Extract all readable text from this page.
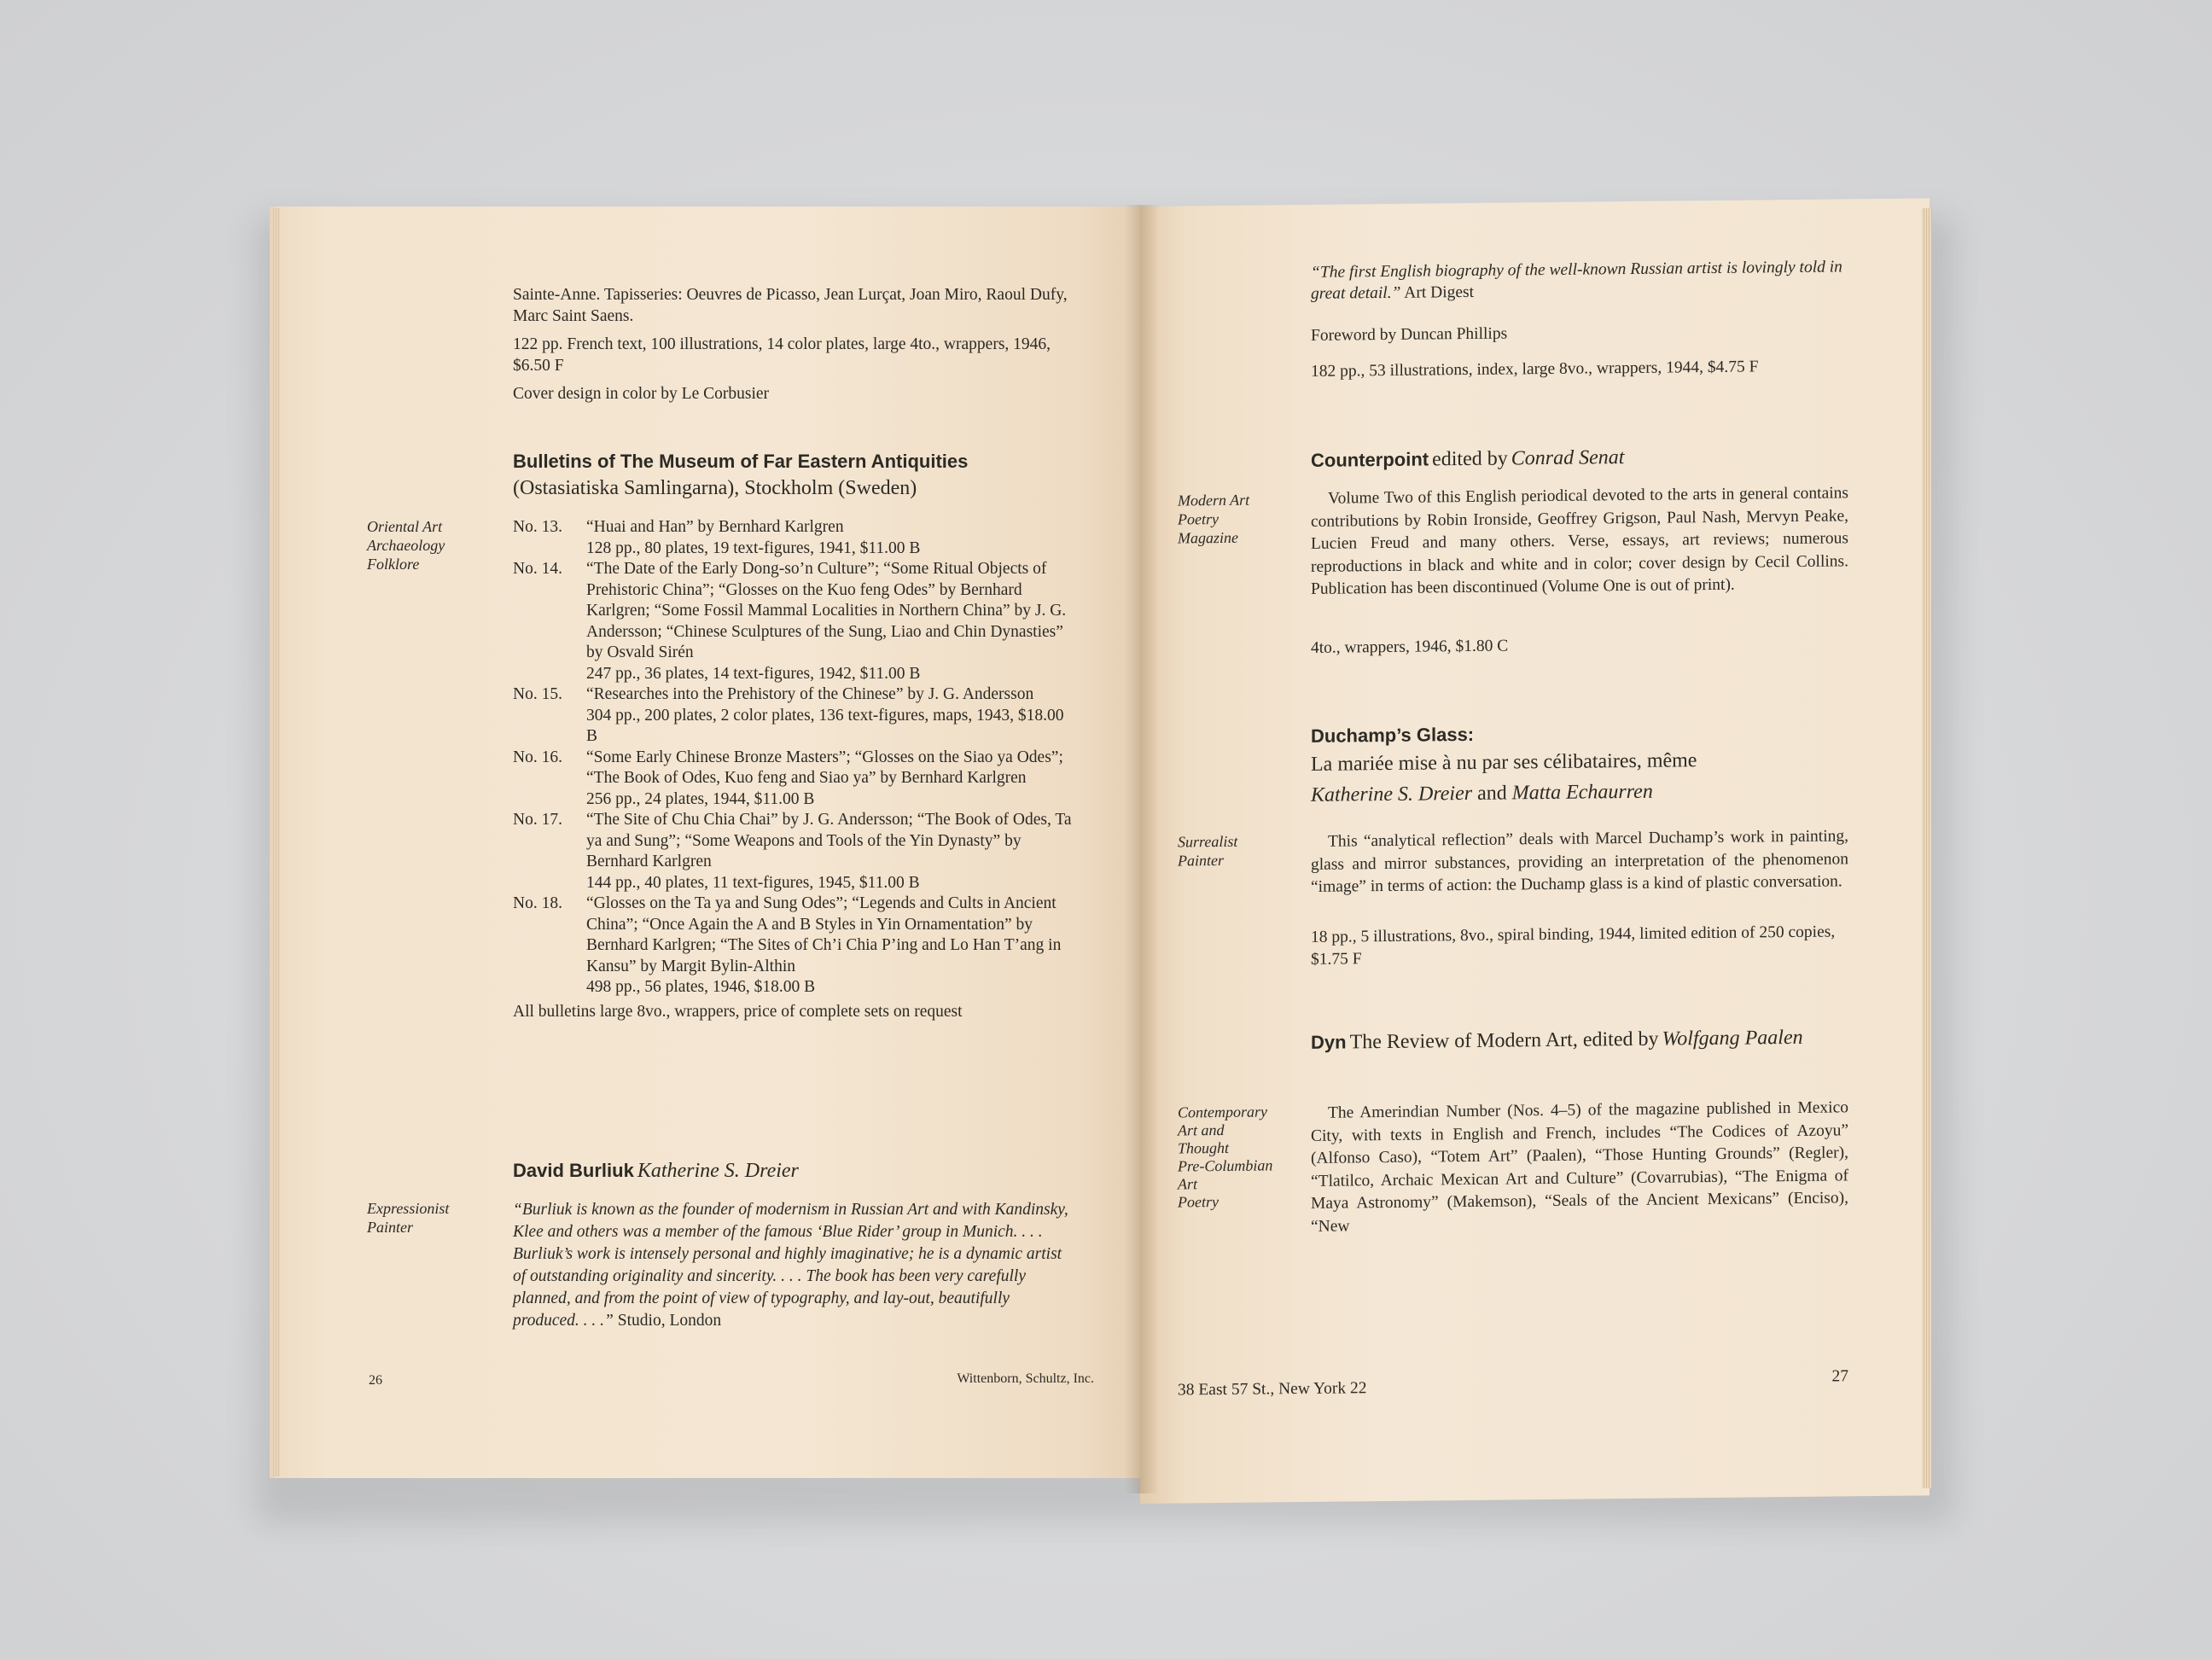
Sainte-Anne. Tapisseries: Oeuvres de Picasso, Jean Lurçat, Joan Miro, Raoul Dufy, Marc Saint Saens.
122 pp. French text, 100 illustrations, 14 color plates, large 4to., wrappers, 1946, $6.50 F
Cover design in color by Le Corbusier
Bulletins of The Museum of Far Eastern Antiquities
(Ostasiatiska Samlingarna), Stockholm (Sweden)
Oriental Art
Archaeology
Folklore
No. 13.	“Huai and Han” by Bernhard Karlgren
128 pp., 80 plates, 19 text-figures, 1941, $11.00 B
No. 14.	“The Date of the Early Dong-so’n Culture”; “Some Ritual Objects of Prehistoric China”; “Glosses on the Kuo feng Odes” by Bernhard Karlgren; “Some Fossil Mammal Localities in Northern China” by J. G. Andersson; “Chinese Sculptures of the Sung, Liao and Chin Dynasties” by Osvald Sirén
247 pp., 36 plates, 14 text-figures, 1942, $11.00 B
No. 15.	“Researches into the Prehistory of the Chinese” by J. G. Andersson
304 pp., 200 plates, 2 color plates, 136 text-figures, maps, 1943, $18.00 B
No. 16.	“Some Early Chinese Bronze Masters”; “Glosses on the Siao ya Odes”; “The Book of Odes, Kuo feng and Siao ya” by Bernhard Karlgren
256 pp., 24 plates, 1944, $11.00 B
No. 17.	“The Site of Chu Chia Chai” by J. G. Andersson; “The Book of Odes, Ta ya and Sung”; “Some Weapons and Tools of the Yin Dynasty” by Bernhard Karlgren
144 pp., 40 plates, 11 text-figures, 1945, $11.00 B
No. 18.	“Glosses on the Ta ya and Sung Odes”; “Legends and Cults in Ancient China”; “Once Again the A and B Styles in Yin Ornamentation” by Bernhard Karlgren; “The Sites of Ch’i Chia P’ing and Lo Han T’ang in Kansu” by Margit Bylin-Althin
498 pp., 56 plates, 1946, $18.00 B
All bulletins large 8vo., wrappers, price of complete sets on request
David Burliuk Katherine S. Dreier
Expressionist
Painter
“Burliuk is known as the founder of modernism in Russian Art and with Kandinsky, Klee and others was a member of the famous ‘Blue Rider’ group in Munich. . . . Burliuk’s work is intensely personal and highly imaginative; he is a dynamic artist of outstanding originality and sincerity. . . . The book has been very carefully planned, and from the point of view of typography, and lay-out, beautifully produced. . . .” Studio, London
26	Wittenborn, Schultz, Inc.
“The first English biography of the well-known Russian artist is lovingly told in great detail.” Art Digest
Foreword by Duncan Phillips
182 pp., 53 illustrations, index, large 8vo., wrappers, 1944, $4.75 F
Counterpoint edited by Conrad Senat
Modern Art
Poetry
Magazine
Volume Two of this English periodical devoted to the arts in general contains contributions by Robin Ironside, Geoffrey Grigson, Paul Nash, Mervyn Peake, Lucien Freud and many others. Verse, essays, art reviews; numerous reproductions in black and white and in color; cover design by Cecil Collins. Publication has been discontinued (Volume One is out of print).
4to., wrappers, 1946, $1.80 C
Duchamp’s Glass:
La mariée mise à nu par ses célibataires, même
Katherine S. Dreier and Matta Echaurren
Surrealist
Painter
This “analytical reflection” deals with Marcel Duchamp’s work in painting, glass and mirror substances, providing an interpretation of the phenomenon “image” in terms of action: the Duchamp glass is a kind of plastic conversation.
18 pp., 5 illustrations, 8vo., spiral binding, 1944, limited edition of 250 copies, $1.75 F
Dyn The Review of Modern Art, edited by Wolfgang Paalen
Contemporary
Art and
Thought
Pre-Columbian
Art
Poetry
The Amerindian Number (Nos. 4–5) of the magazine published in Mexico City, with texts in English and French, includes “The Codices of Azoyu” (Alfonso Caso), “Totem Art” (Paalen), “Those Hunting Grounds” (Regler), “Tlatilco, Archaic Mexican Art and Culture” (Covarrubias), “The Enigma of Maya Astronomy” (Makemson), “Seals of the Ancient Mexicans” (Enciso), “New
38 East 57 St., New York 22
27
